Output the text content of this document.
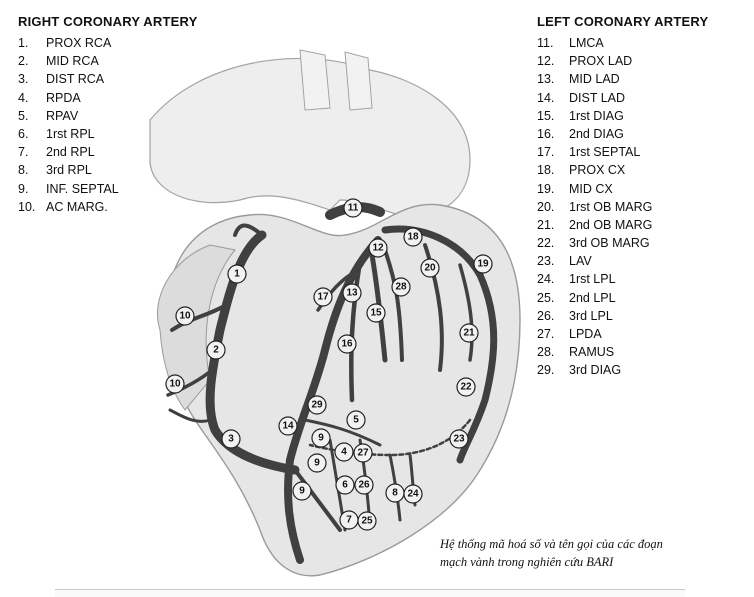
11
12
18
19
20
1
17 13
28
15
10
21
16
2
10	22
29
5
14
23
9
3
4 27
9
6 26
9	8 24
7 25
RIGHT CORONARY ARTERY
1. PROX RCA
2. MID RCA
3. DIST RCA
4. RPDA
5. RPAV
6. 1rst RPL
7. 2nd RPL
8. 3rd RPL
9. INF. SEPTAL
10. AC MARG.
LEFT CORONARY ARTERY
11. LMCA
12. PROX LAD
13. MID LAD
14. DIST LAD
15. 1rst DIAG
16. 2nd DIAG
17. 1rst SEPTAL
18. PROX CX
19. MID CX
20. 1rst OB MARG
21. 2nd OB MARG
22. 3rd OB MARG
23. LAV
24. 1rst LPL
25. 2nd LPL
26. 3rd LPL
27. LPDA
28. RAMUS
29. 3rd DIAG
Hệ thống mã hoá số và tên gọi của các đoạn
mạch vành trong nghiên cứu BARI
